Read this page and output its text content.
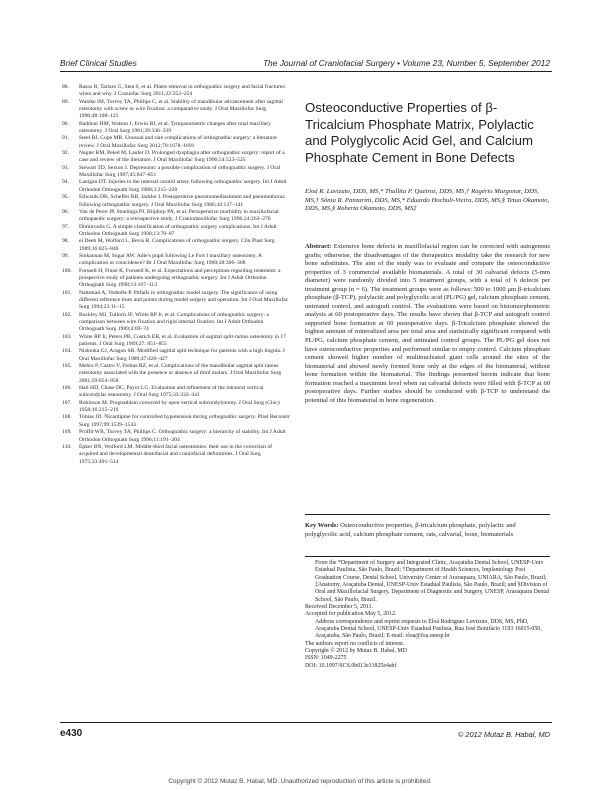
Brief Clinical Studies	The Journal of Craniofacial Surgery • Volume 23, Number 5, September 2012
88.	Rasso R, Tartaro G, Stea S, et al. Plates removal in orthognathic surgery and facial fractures: when and why. J Craniofac Surg 2011;22:252–254
89.	Watzke IM, Turvey TA, Phillips C, et al. Stability of mandibular advancement after sagittal osteotomy with screw or wire fixation: a comparative study. J Oral Maxillofac Surg 1990;48:108–121
90.	Baddour HM, Watson J, Erwin BJ, et al. Tympanometric changes after total maxillary osteotomy. J Oral Surg 1981;39:336–339
91.	Steel BJ, Cope MR. Unusual and rare complications of orthognathic surgery: a literature review. J Oral Maxillofac Surg 2012;70:1678–1691
92.	Nagler RM, Peled M, Laufer D. Prolonged dysphagia after orthognathic surgery: report of a case and review of the literature. J Oral Maxillofac Surg 1996;54:523–525
93.	Stewart TD, Sexton J. Depression: a possible complication of orthognathic surgery. J Oral Maxillofac Surg 1987;45:847–851
94.	Lanigan DT. Injuries to the internal carotid artery following orthognathic surgery. Int J Adult Orthodon Orthognath Surg 1988;3:215–220
95.	Edwards DB, Scheffer RB, Jackler I. Postoperative pneumomediastinum and pneumothorax following orthognathic surgery. J Oral Maxillofac Surg 1986;44:137–141
96.	Van de Perre JP, Stoelinga PJ, Blijdorp PA, et al. Perioperative morbidity in maxillofacial orthopaedic surgery: a retrospective study. J Craniomaxillofac Surg 1996;24:263–270
97.	Dimitroulis G. A simple classification of orthognathic surgery complications. Int J Adult Orthodon Orthognath Surg 1998;13:79–87
98.	el Deeb M, Wolford L, Bevis R. Complications of orthognathic surgery. Clin Plast Surg 1989;16:825–840
99.	Sinkaonan M, Sugar AW. Adie's pupil following Le Fort I maxillary osteotomy. A complication or coincidence? Br J Oral Maxillofac Surg 1990;28:306–308
100.	Forssell H, Finne K, Forssell K, et al. Expectations and perceptions regarding treatment: a prospective study of patients undergoing orthognathic surgery. Int J Adult Orthodon Orthognath Surg 1998;13:107–113
101.	Nattestad A, Vedtofte P. Pitfalls in orthognathic model surgery. The significance of using different reference lines and points during model surgery and operation. Int J Oral Maxillofac Surg 1994;23:11–15
102.	Buckley MJ, Tulloch JF, White RP Jr, et al. Complications of orthognathic surgery: a comparison between wire fixation and rigid internal fixation. Int J Adult Orthodon Orthognath Surg 1989;4:69–74
103.	White RP Jr, Peters PB, Costich ER, et al. Evaluation of sagittal split-ramus osteotomy in 17 patients. J Oral Surg 1969;27: 851–855
104.	Nishioka GJ, Aragon SB. Modified sagittal split technique for patients with a high lingula. J Oral Maxillofac Surg 1989;47:426–427
105.	Mehra P, Castro V, Freitas RZ, et al. Complications of the mandibular sagittal split ramus osteotomy associated with the presence or absence of third molars. J Oral Maxillofac Surg 2001;59:854–858
106.	Hall HD, Chase DC, Payor LG. Evaluation and refinement of the intraoral vertical subcondylar osteotomy. J Oral Surg 1975;33:333–341
107.	Robinson M. Prognathism corrected by open vertical subcondylotomy. J Oral Surg (Chic) 1958;16:215–219
108.	Tobias JD. Nicardipine for controlled hypotension during orthognathic surgery. Plast Reconstr Surg 1997;99:1539–1543
109.	Proffit WR, Turvey TA, Phillips C. Orthognathic surgery: a hierarchy of stability. Int J Adult Orthodon Orthognath Surg 1996;11:191–204
110.	Epker BN, Wolford LM. Middle-third facial osteotomies: their use in the correction of acquired and developmental dentofacial and craniofacial deformities. J Oral Surg 1975;33:491–514
Osteoconductive Properties of β-Tricalcium Phosphate Matrix, Polylactic and Polyglycolic Acid Gel, and Calcium Phosphate Cement in Bone Defects
Eloá R. Luvizuto, DDS, MS,* Thallita P. Queiroz, DDS, MS,† Rogério Margonar, DDS, MS,† Sônia R. Panzarini, DDS, MS,* Eduardo Hochuli-Vieira, DDS, MS,§ Tetuo Okamoto, DDS, MS,§ Roberta Okamoto, DDS, MS‡
Abstract: Extensive bone defects in maxillofacial region can be corrected with autogenous grafts; otherwise, the disadvantages of the therapeutics modality take the research for new bone substitutes. The aim of the study was to evaluate and compare the osteoconductive properties of 3 commercial available biomaterials. A total of 30 calvarial defects (5-mm diameter) were randomly divided into 5 treatment groups, with a total of 6 defects per treatment group (n = 6). The treatment groups were as follows: 500 to 1000 μm β-tricalcium phosphate (β-TCP), polylactic and polyglycolic acid (PL/PG) gel, calcium phosphate cement, untreated control, and autograft control. The evaluations were based on histomorphometric analysis at 60 postoperative days. The results have shown that β-TCP and autograft control supported bone formation at 60 postoperative days. β-Tricalcium phosphate showed the highest amount of mineralized area per total area and statistically significant compared with PL/PG, calcium phosphate cement, and untreated control groups. The PL/PG gel does not have osteoconductive properties and performed similar to empty control. Calcium phosphate cement showed higher number of multinucleated giant cells around the sites of the biomaterial and showed newly formed bone only at the edges of the biomaterial, without bone formation within the biomaterial. The findings presented herein indicate that bone formation reached a maximum level when rat calvarial defects were filled with β-TCP at 60 postoperative days. Further studies should be conducted with β-TCP to understand the potential of this biomaterial in bone regeneration.
Key Words: Osteoconductive properties, β-tricalcium phosphate, polylactic and polyglycolic acid, calcium phosphate cement, rats, calvarial, bone, biomaterials
From the *Department of Surgery and Integrated Clinic, Araçatuba Dental School, UNESP-Univ Estadual Paulista, São Paulo, Brazil; †Department of Health Sciences, Implantology Post Graduation Course, Dental School, University Center of Araraquara, UNIARA, São Paulo, Brazil; ‡Anatomy, Araçatuba Dental, UNESP-Univ Estadual Paulista, São Paulo, Brazil; and §Division of Oral and Maxillofacial Surgery, Department of Diagnostic and Surgery, UNESP, Araraquara Dental School, São Paulo, Brazil.
Received December 5, 2011.
Accepted for publication May 5, 2012.
Address correspondence and reprint requests to Eloá Rodrigues Luvizuto, DDS, MS, PhD, Araçatuba Dental School, UNESP-Univ Estadual Paulista, Rua José Bonifácio 1193 16015-050, Araçatuba, São Paulo, Brazil; E-mail: eloa@foa.unesp.br
The authors report no conflicts of interest.
Copyright © 2012 by Mutaz B. Habal, MD
ISSN: 1049-2275
DOI: 10.1097/SCS.0b013e31825e4abf
e430	© 2012 Mutaz B. Habal, MD
Copyright © 2012 Mutaz B. Habal, MD. Unauthorized reproduction of this article is prohibited.
